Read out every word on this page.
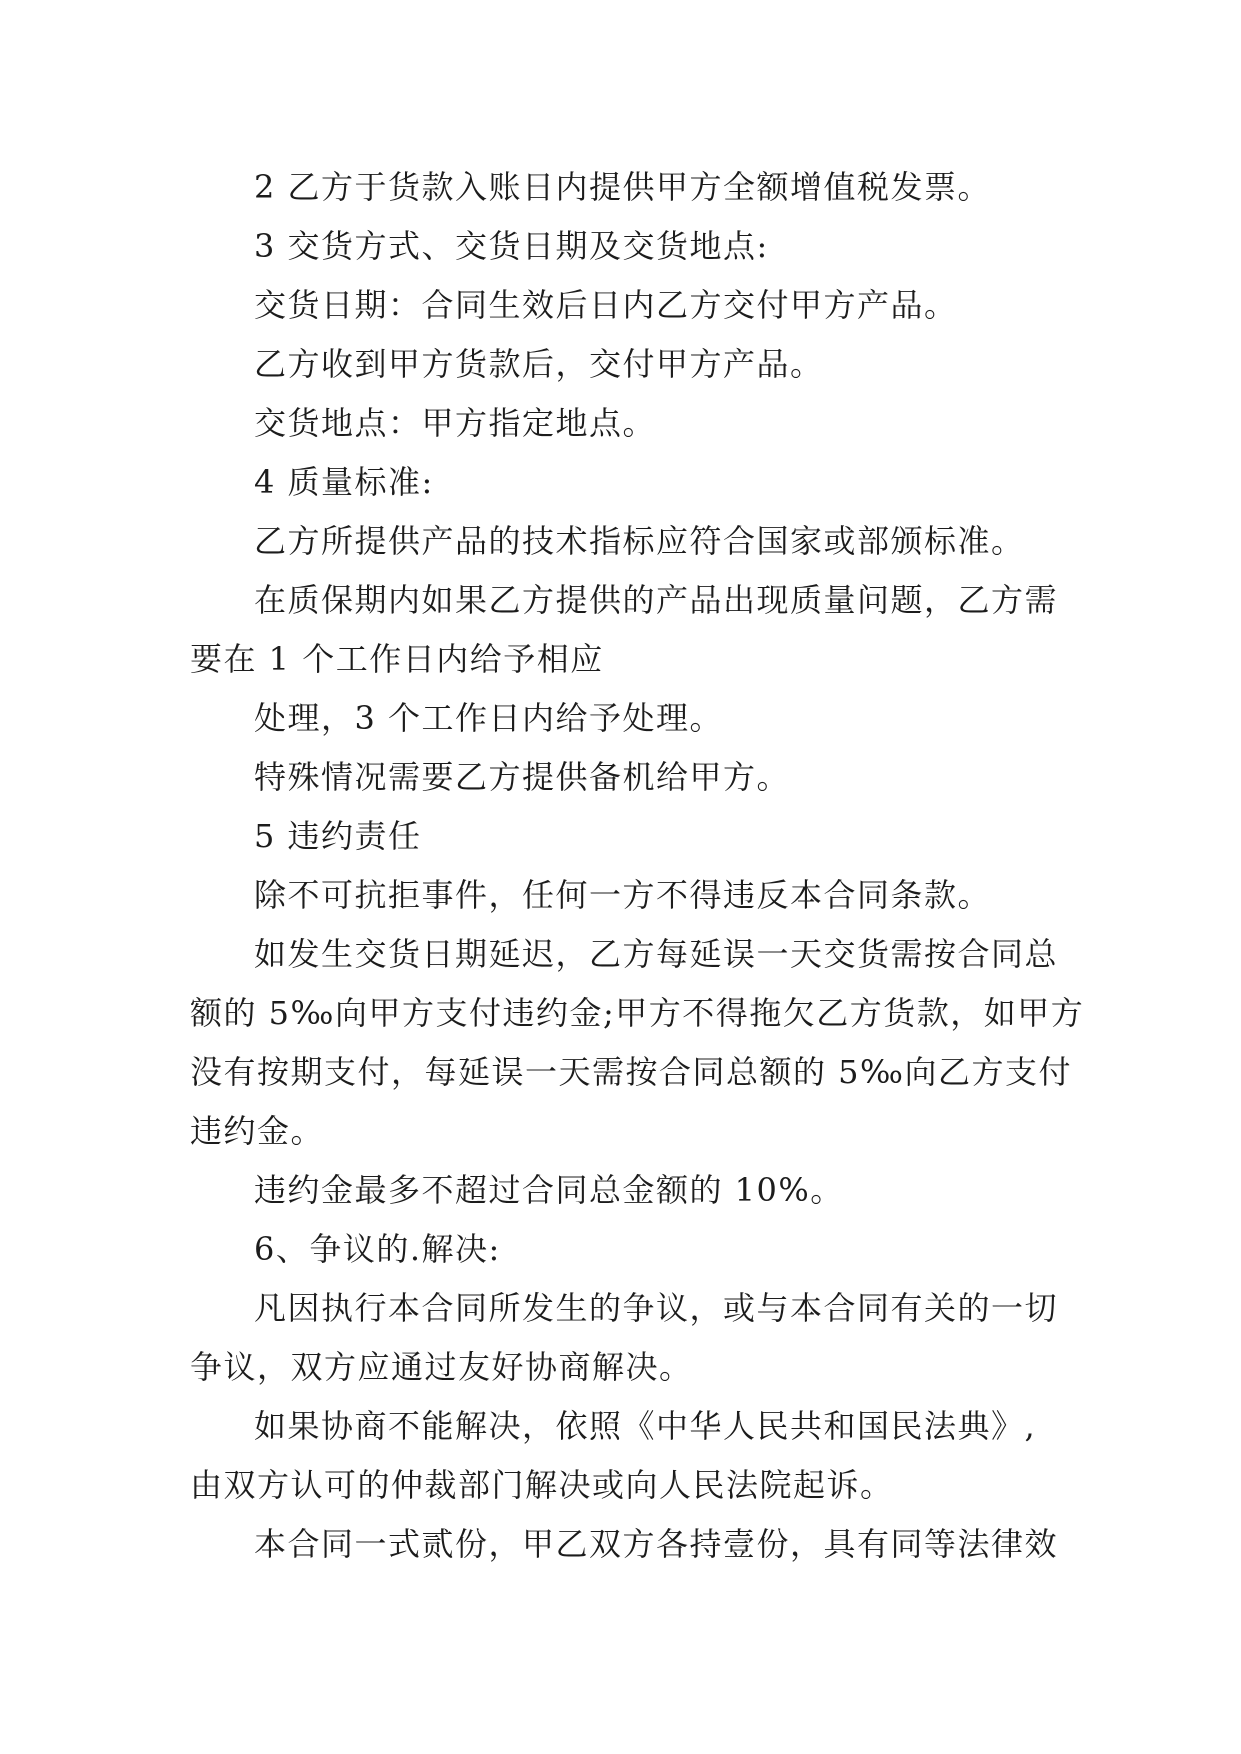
2 乙方于货款入账日内提供甲方全额增值税发票。

3 交货方式、交货日期及交货地点:

交货日期：合同生效后日内乙方交付甲方产品。

乙方收到甲方货款后，交付甲方产品。

交货地点：甲方指定地点。

4 质量标准:

乙方所提供产品的技术指标应符合国家或部颁标准。

在质保期内如果乙方提供的产品出现质量问题，乙方需

要在 1 个工作日内给予相应

处理，3 个工作日内给予处理。

特殊情况需要乙方提供备机给甲方。

5 违约责任

除不可抗拒事件，任何一方不得违反本合同条款。

如发生交货日期延迟，乙方每延误一天交货需按合同总

额的 5‰向甲方支付违约金;甲方不得拖欠乙方货款，如甲方

没有按期支付，每延误一天需按合同总额的 5‰向乙方支付

违约金。

违约金最多不超过合同总金额的 10%。

6、争议的.解决:

凡因执行本合同所发生的争议，或与本合同有关的一切

争议，双方应通过友好协商解决。

如果协商不能解决，依照《中华人民共和国民法典》,

由双方认可的仲裁部门解决或向人民法院起诉。

本合同一式贰份，甲乙双方各持壹份，具有同等法律效
